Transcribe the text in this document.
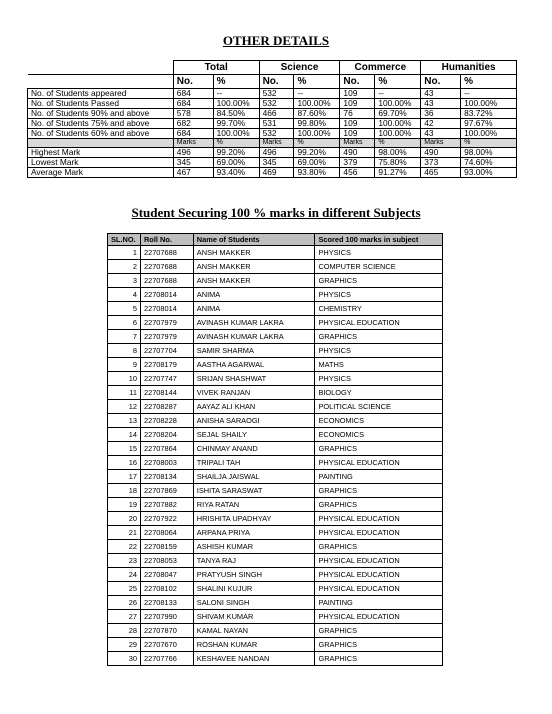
OTHER DETAILS
	Total		Science		Commerce		Humanities	
	No.	%	No.	%	No.	%	No.	%
No. of Students appeared	684	--	532	--	109	--	43	--
No. of Students Passed	684	100.00%	532	100.00%	109	100.00%	43	100.00%
No. of Students 90% and above	578	84.50%	466	87.60%	76	69.70%	36	83.72%
No. of Students 75% and above	682	99.70%	531	99.80%	109	100.00%	42	97.67%
No. of Students 60% and above	684	100.00%	532	100.00%	109	100.00%	43	100.00%
	Marks	%	Marks	%	Marks	%	Marks	%
Highest Mark	496	99.20%	496	99.20%	490	98.00%	490	98.00%
Lowest Mark	345	69.00%	345	69.00%	379	75.80%	373	74.60%
Average Mark	467	93.40%	469	93.80%	456	91.27%	465	93.00%
Student Securing 100 % marks in different Subjects
SL.NO.	Roll No.	Name of Students	Scored 100 marks in subject
1	22707688	ANSH MAKKER	PHYSICS
2	22707688	ANSH MAKKER	COMPUTER SCIENCE
3	22707688	ANSH MAKKER	GRAPHICS
4	22708014	ANIMA	PHYSICS
5	22708014	ANIMA	CHEMISTRY
6	22707979	AVINASH KUMAR LAKRA	PHYSICAL EDUCATION
7	22707979	AVINASH KUMAR LAKRA	GRAPHICS
8	22707704	SAMIR SHARMA	PHYSICS
9	22708179	AASTHA AGARWAL	MATHS
10	22707747	SRIJAN SHASHWAT	PHYSICS
11	22708144	VIVEK RANJAN	BIOLOGY
12	22708287	AAYAZ ALI KHAN	POLITICAL SCIENCE
13	22708228	ANISHA SARAOGI	ECONOMICS
14	22708204	SEJAL SHAILY	ECONOMICS
15	22707864	CHINMAY ANAND	GRAPHICS
16	22708003	TRIPALI TAH	PHYSICAL EDUCATION
17	22708134	SHAILJA JAISWAL	PAINTING
18	22707869	ISHITA SARASWAT	GRAPHICS
19	22707882	RIYA RATAN	GRAPHICS
20	22707922	HRISHITA UPADHYAY	PHYSICAL EDUCATION
21	22708064	ARPANA PRIYA	PHYSICAL EDUCATION
22	22708159	ASHISH KUMAR	GRAPHICS
23	22708053	TANYA RAJ	PHYSICAL EDUCATION
24	22708047	PRATYUSH SINGH	PHYSICAL EDUCATION
25	22708102	SHALINI KUJUR	PHYSICAL EDUCATION
26	22708133	SALONI SINGH	PAINTING
27	22707990	SHIVAM KUMAR	PHYSICAL EDUCATION
28	22707870	KAMAL NAYAN	GRAPHICS
29	22707670	ROSHAN KUMAR	GRAPHICS
30	22707766	KESHAVEE NANDAN	GRAPHICS
